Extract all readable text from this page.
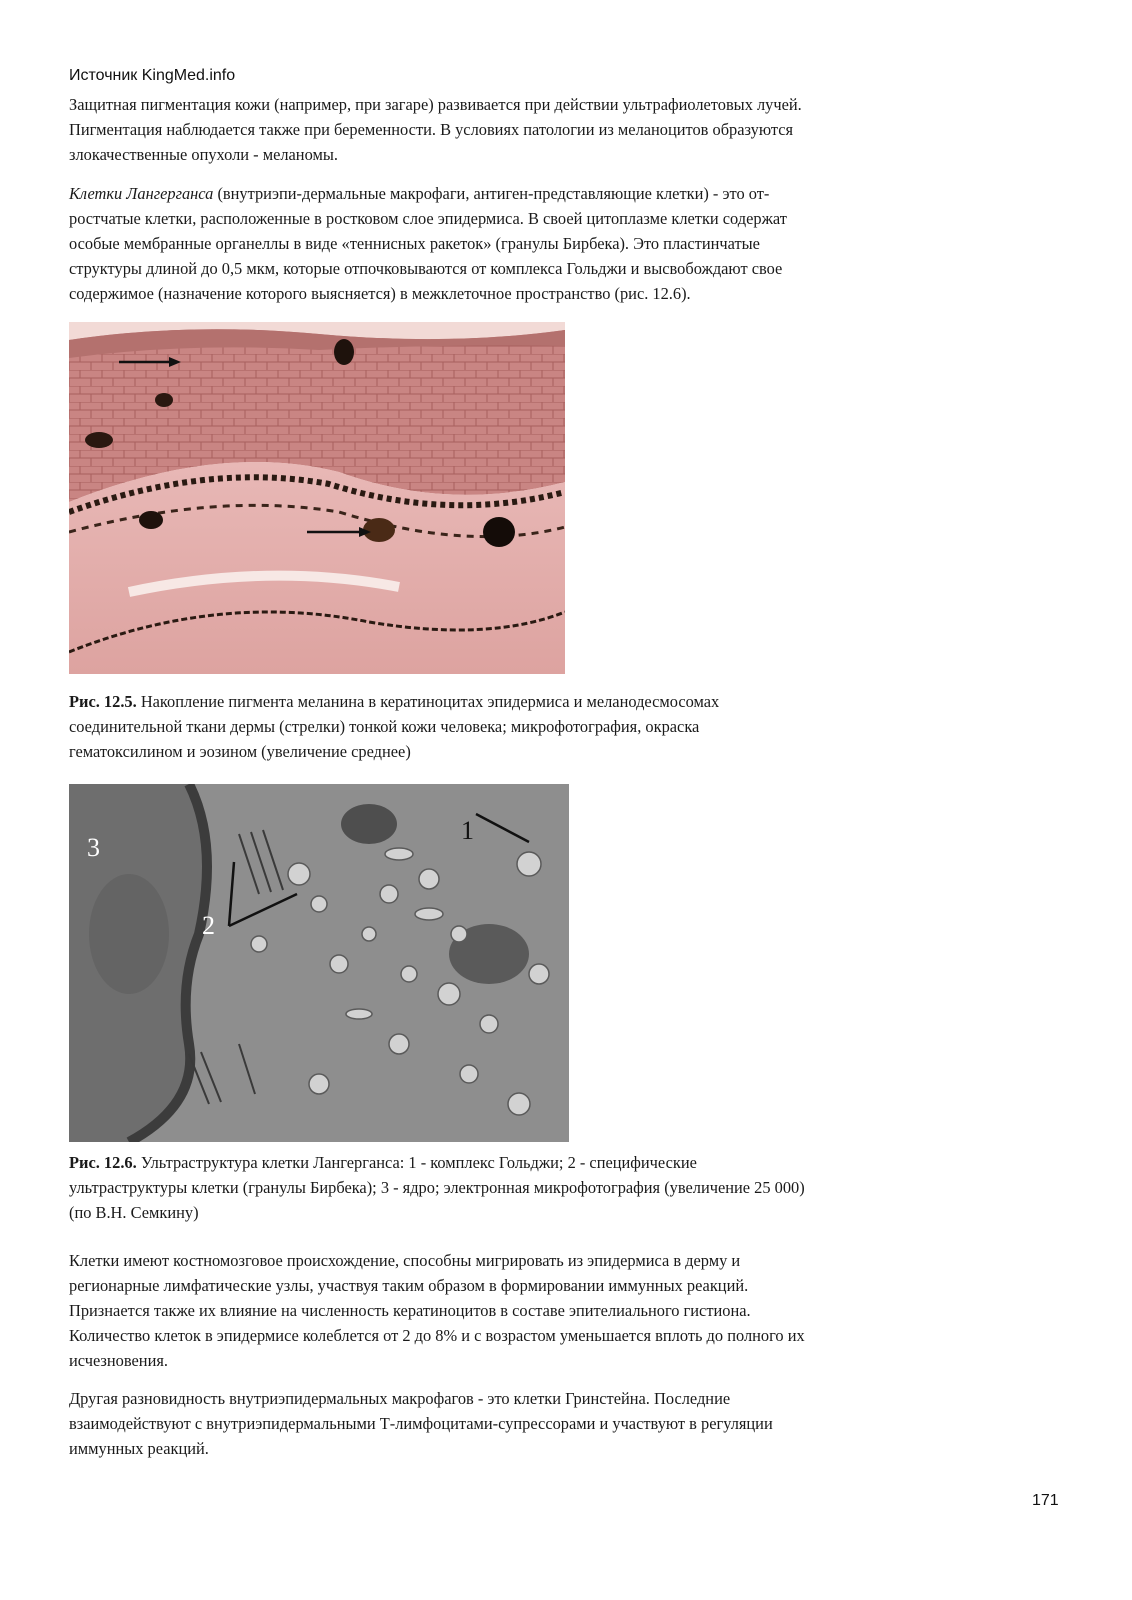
Источник KingMed.info

Защитная пигментация кожи (например, при загаре) развивается при действии ультрафиолетовых лучей.
Пигментация наблюдается также при беременности. В условиях патологии из меланоцитов образуются
злокачественные опухоли - меланомы.

Клетки Лангерганса (внутриэпи-дермальные макрофаги, антиген-представляющие клетки) - это от-
ростчатые клетки, расположенные в ростковом слое эпидермиса. В своей цитоплазме клетки содержат
особые мембранные органеллы в виде «теннисных ракеток» (гранулы Бирбека). Это пластинчатые
структуры длиной до 0,5 мкм, которые отпочковываются от комплекса Гольджи и высвобождают свое
содержимое (назначение которого выясняется) в межклеточное пространство (рис. 12.6).

Рис. 12.5. Накопление пигмента меланина в кератиноцитах эпидермиса и меланодесмосомах
соединительной ткани дермы (стрелки) тонкой кожи человека; микрофотография, окраска
гематоксилином и эозином (увеличение среднее)

3
2
1

Рис. 12.6. Ультраструктура клетки Лангерганса: 1 - комплекс Гольджи; 2 - специфические
ультраструктуры клетки (гранулы Бирбека); 3 - ядро; электронная микрофотография (увеличение 25 000)
(по В.Н. Семкину)

Клетки имеют костномозговое происхождение, способны мигрировать из эпидермиса в дерму и
регионарные лимфатические узлы, участвуя таким образом в формировании иммунных реакций.
Признается также их влияние на численность кератиноцитов в составе эпителиального гистиона.
Количество клеток в эпидермисе колеблется от 2 до 8% и с возрастом уменьшается вплоть до полного их
исчезновения.

Другая разновидность внутриэпидермальных макрофагов - это клетки Гринстейна. Последние
взаимодействуют с внутриэпидермальными Т-лимфоцитами-супрессорами и участвуют в регуляции
иммунных реакций.

171
